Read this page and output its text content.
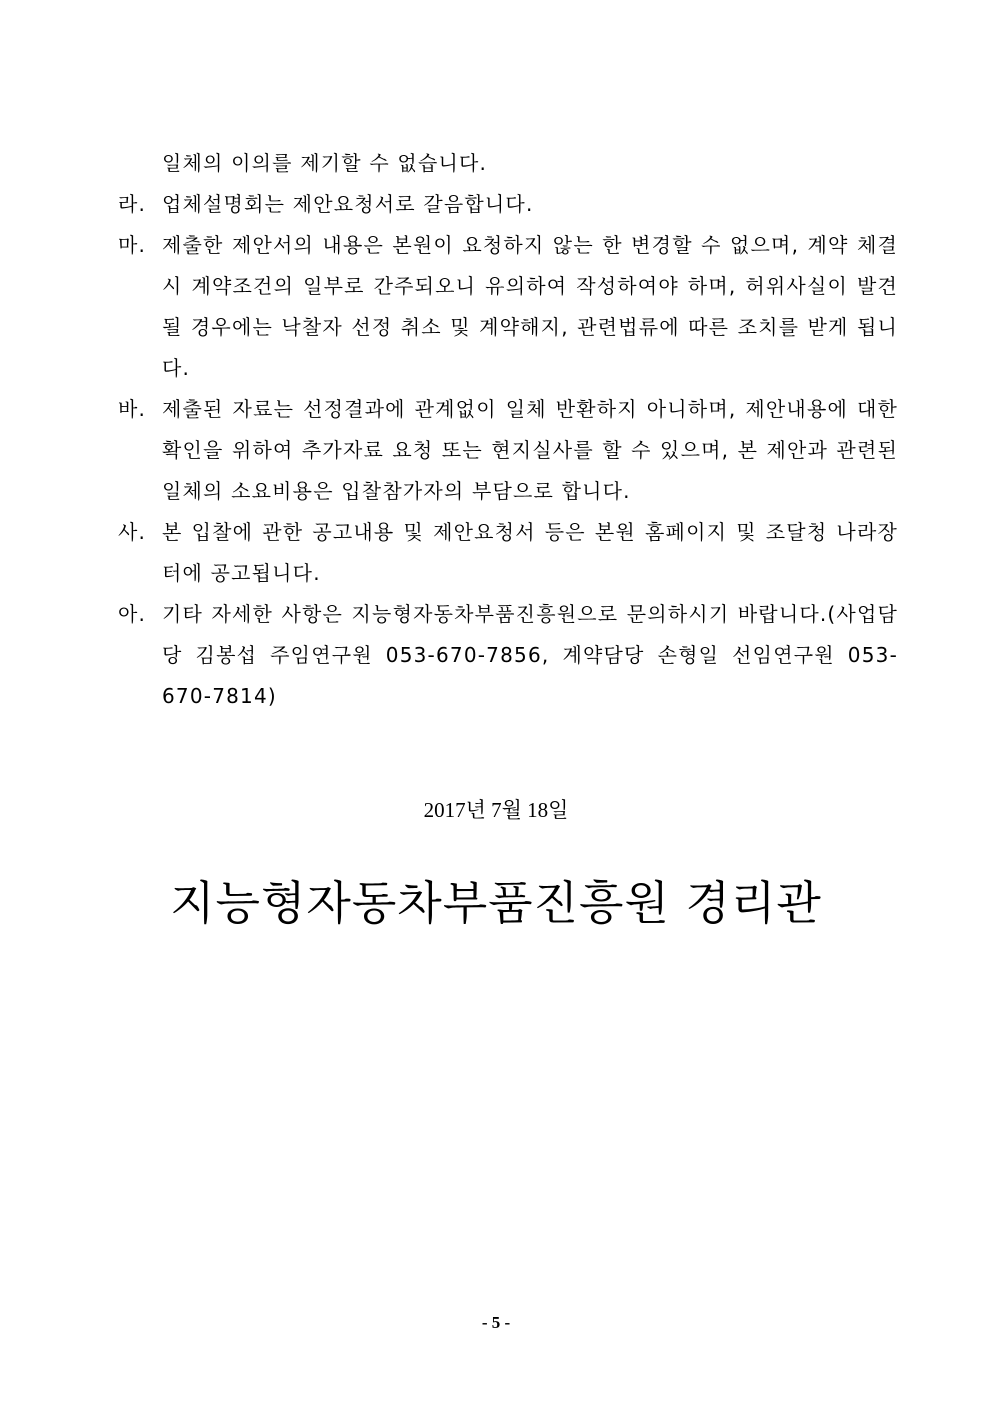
일체의 이의를 제기할 수 없습니다.
라. 업체설명회는 제안요청서로 갈음합니다.
마. 제출한 제안서의 내용은 본원이 요청하지 않는 한 변경할 수 없으며, 계약 체결시 계약조건의 일부로 간주되오니 유의하여 작성하여야 하며, 허위사실이 발견 될 경우에는 낙찰자 선정 취소 및 계약해지, 관련법류에 따른 조치를 받게 됩니다.
바. 제출된 자료는 선정결과에 관계없이 일체 반환하지 아니하며, 제안내용에 대한 확인을 위하여 추가자료 요청 또는 현지실사를 할 수 있으며, 본 제안과 관련된 일체의 소요비용은 입찰참가자의 부담으로 합니다.
사. 본 입찰에 관한 공고내용 및 제안요청서 등은 본원 홈페이지 및 조달청 나라장터에 공고됩니다.
아. 기타 자세한 사항은 지능형자동차부품진흥원으로 문의하시기 바랍니다.(사업담당 김봉섭 주임연구원 053-670-7856, 계약담당 손형일 선임연구원 053-670-7814)
2017년 7월 18일
지능형자동차부품진흥원 경리관
- 5 -
